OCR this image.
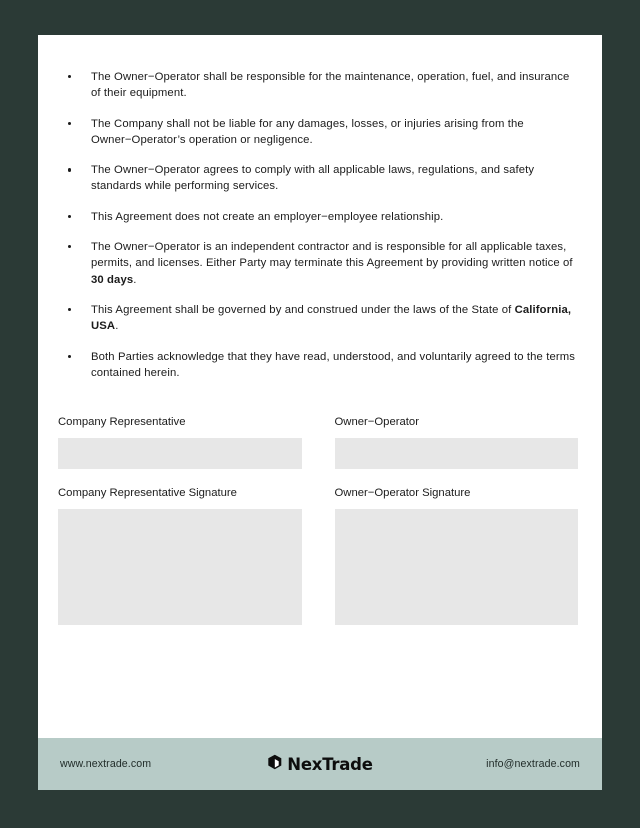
The Owner−Operator shall be responsible for the maintenance, operation, fuel, and insurance of their equipment.
The Company shall not be liable for any damages, losses, or injuries arising from the Owner−Operator’s operation or negligence.
The Owner−Operator agrees to comply with all applicable laws, regulations, and safety standards while performing services.
This Agreement does not create an employer−employee relationship.
The Owner−Operator is an independent contractor and is responsible for all applicable taxes, permits, and licenses. Either Party may terminate this Agreement by providing written notice of 30 days.
This Agreement shall be governed by and construed under the laws of the State of California, USA.
Both Parties acknowledge that they have read, understood, and voluntarily agreed to the terms contained herein.
Company Representative	Owner−Operator
Company Representative Signature	Owner−Operator Signature
www.nextrade.com	NexTrade	info@nextrade.com
